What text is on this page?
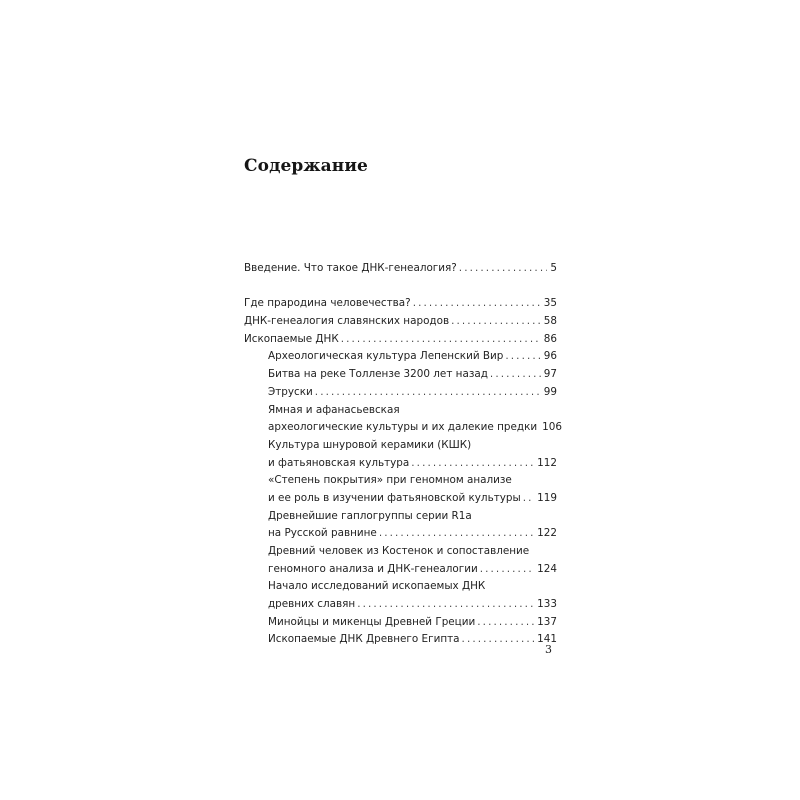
Содержание
Введение. Что такое ДНК-генеалогия? .....	5
Где прародина человечества? .....	35
ДНК-генеалогия славянских народов .....	58
Ископаемые ДНК .....	86
Археологическая культура Лепенский Вир .....	96
Битва на реке Толлензе 3200 лет назад .....	97
Этруски .....	99
Ямная и афанасьевская
археологические культуры и их далекие предки 106
Культура шнуровой керамики (КШК)
и фатьяновская культура .....	112
«Степень покрытия» при геномном анализе
и ее роль в изучении фатьяновской культуры ..... 119
Древнейшие гаплогруппы серии R1a
на Русской равнине .....	122
Древний человек из Костенок и сопоставление
геномного анализа и ДНК-генеалогии .....	124
Начало исследований ископаемых ДНК
древних славян .....	133
Минойцы и микенцы Древней Греции .....	137
Ископаемые ДНК Древнего Египта .....	141
3
